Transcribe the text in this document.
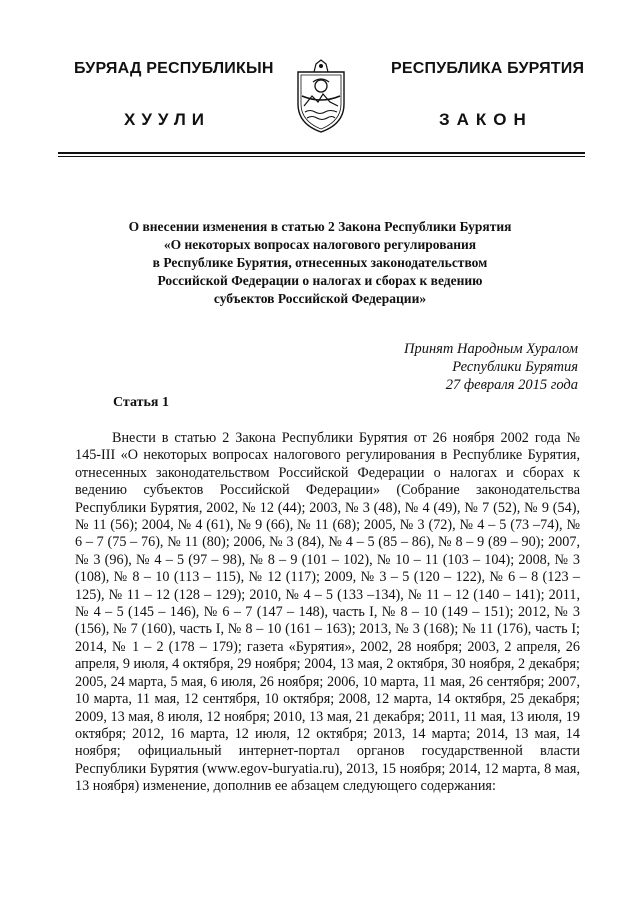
БУРЯАД РЕСПУБЛИКЫН
ХУУЛИ
РЕСПУБЛИКА БУРЯТИЯ
ЗАКОН
О внесении изменения в статью 2 Закона Республики Бурятия
«О некоторых вопросах налогового регулирования
в Республике Бурятия, отнесенных законодательством
Российской Федерации о налогах и сборах к ведению
субъектов Российской Федерации»
Принят Народным Хуралом
Республики Бурятия
27 февраля 2015 года
Статья 1

Внести в статью 2 Закона Республики Бурятия от 26 ноября 2002 года № 145-III «О некоторых вопросах налогового регулирования в Республике Бурятия, отнесенных законодательством Российской Федерации о налогах и сборах к ведению субъектов Российской Федерации» (Собрание законодательства Республики Бурятия, 2002, № 12 (44); 2003, № 3 (48), № 4 (49), № 7 (52), № 9 (54), № 11 (56); 2004, № 4 (61), № 9 (66), № 11 (68); 2005, № 3 (72), № 4 – 5 (73 –74), № 6 – 7 (75 – 76), № 11 (80); 2006, № 3 (84), № 4 – 5 (85 – 86), № 8 – 9 (89 – 90); 2007, № 3 (96), № 4 – 5 (97 – 98), № 8 – 9 (101 – 102), № 10 – 11 (103 – 104); 2008, № 3 (108), № 8 – 10 (113 – 115), № 12 (117); 2009, № 3 – 5 (120 – 122), № 6 – 8 (123 – 125), № 11 – 12 (128 – 129); 2010, № 4 – 5 (133 –134), № 11 – 12 (140 – 141); 2011, № 4 – 5 (145 – 146), № 6 – 7 (147 – 148), часть I, № 8 – 10 (149 – 151); 2012, № 3 (156), № 7 (160), часть I, № 8 – 10 (161 – 163); 2013, № 3 (168); № 11 (176), часть I; 2014, № 1 – 2 (178 – 179); газета «Бурятия», 2002, 28 ноября; 2003, 2 апреля, 26 апреля, 9 июля, 4 октября, 29 ноября; 2004, 13 мая, 2 октября, 30 ноября, 2 декабря; 2005, 24 марта, 5 мая, 6 июля, 26 ноября; 2006, 10 марта, 11 мая, 26 сентября; 2007, 10 марта, 11 мая, 12 сентября, 10 октября; 2008, 12 марта, 14 октября, 25 декабря; 2009, 13 мая, 8 июля, 12 ноября; 2010, 13 мая, 21 декабря; 2011, 11 мая, 13 июля, 19 октября; 2012, 16 марта, 12 июля, 12 октября; 2013, 14 марта; 2014, 13 мая, 14 ноября; официальный интернет-портал органов государственной власти Республики Бурятия (www.egov-buryatia.ru), 2013, 15 ноября; 2014, 12 марта, 8 мая, 13 ноября) изменение, дополнив ее абзацем следующего содержания:
